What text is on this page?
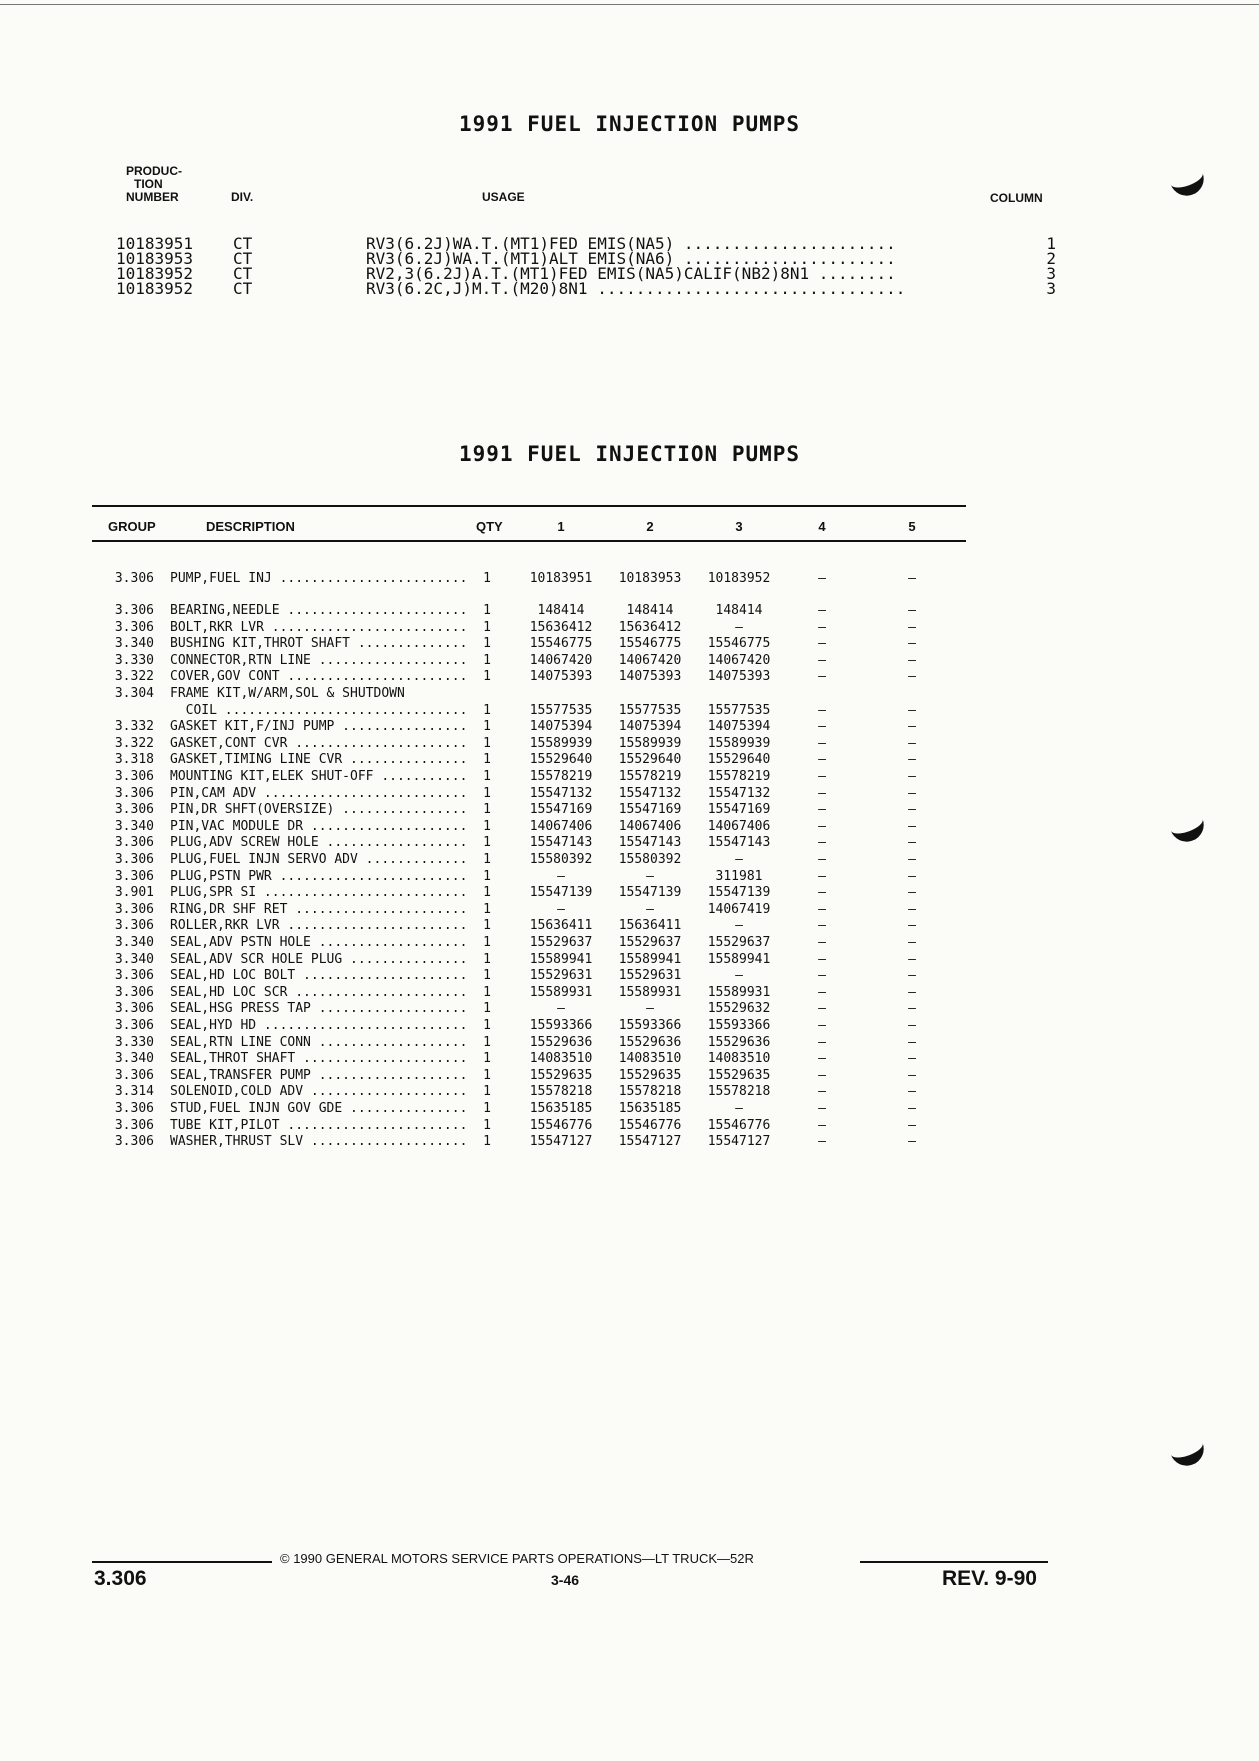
1991 FUEL INJECTION PUMPS
PRODUC-
TION
NUMBER	DIV.	USAGE	COLUMN
10183951 CT	RV3(6.2J)WA.T.(MT1)FED EMIS(NA5) ......................	1
10183953 CT	RV3(6.2J)WA.T.(MT1)ALT EMIS(NA6) ......................	2
10183952 CT	RV2,3(6.2J)A.T.(MT1)FED EMIS(NA5)CALIF(NB2)8N1 ........	3
10183952 CT	RV3(6.2C,J)M.T.(M20)8N1 ................................	3
1991 FUEL INJECTION PUMPS
GROUP	DESCRIPTION	QTY	1	2	3	4	5
3.306 PUMP,FUEL INJ ........................ 1	10183951	10183953	10183952	—	—
3.306 BEARING,NEEDLE ....................... 1	148414	148414	148414	—	—
3.306 BOLT,RKR LVR ......................... 1	15636412	15636412	—	—	—
3.340 BUSHING KIT,THROT SHAFT .............. 1	15546775	15546775	15546775	—	—
3.330 CONNECTOR,RTN LINE ................... 1	14067420	14067420	14067420	—	—
3.322 COVER,GOV CONT ....................... 1	14075393	14075393	14075393	—	—
3.304 FRAME KIT,W/ARM,SOL & SHUTDOWN
COIL ............................... 1	15577535	15577535	15577535	—	—
3.332 GASKET KIT,F/INJ PUMP ................ 1	14075394	14075394	14075394	—	—
3.322 GASKET,CONT CVR ...................... 1	15589939	15589939	15589939	—	—
3.318 GASKET,TIMING LINE CVR ............... 1	15529640	15529640	15529640	—	—
3.306 MOUNTING KIT,ELEK SHUT-OFF ........... 1	15578219	15578219	15578219	—	—
3.306 PIN,CAM ADV .......................... 1	15547132	15547132	15547132	—	—
3.306 PIN,DR SHFT(OVERSIZE) ................ 1	15547169	15547169	15547169	—	—
3.340 PIN,VAC MODULE DR .................... 1	14067406	14067406	14067406	—	—
3.306 PLUG,ADV SCREW HOLE .................. 1	15547143	15547143	15547143	—	—
3.306 PLUG,FUEL INJN SERVO ADV ............. 1	15580392	15580392	—	—	—
3.306 PLUG,PSTN PWR ........................ 1	—	—	311981	—	—
3.901 PLUG,SPR SI .......................... 1	15547139	15547139	15547139	—	—
3.306 RING,DR SHF RET ...................... 1	—	—	14067419	—	—
3.306 ROLLER,RKR LVR ....................... 1	15636411	15636411	—	—	—
3.340 SEAL,ADV PSTN HOLE ................... 1	15529637	15529637	15529637	—	—
3.340 SEAL,ADV SCR HOLE PLUG ............... 1	15589941	15589941	15589941	—	—
3.306 SEAL,HD LOC BOLT ..................... 1	15529631	15529631	—	—	—
3.306 SEAL,HD LOC SCR ...................... 1	15589931	15589931	15589931	—	—
3.306 SEAL,HSG PRESS TAP ................... 1	—	—	15529632	—	—
3.306 SEAL,HYD HD .......................... 1	15593366	15593366	15593366	—	—
3.330 SEAL,RTN LINE CONN ................... 1	15529636	15529636	15529636	—	—
3.340 SEAL,THROT SHAFT ..................... 1	14083510	14083510	14083510	—	—
3.306 SEAL,TRANSFER PUMP ................... 1	15529635	15529635	15529635	—	—
3.314 SOLENOID,COLD ADV .................... 1	15578218	15578218	15578218	—	—
3.306 STUD,FUEL INJN GOV GDE ............... 1	15635185	15635185	—	—	—
3.306 TUBE KIT,PILOT ....................... 1	15546776	15546776	15546776	—	—
3.306 WASHER,THRUST SLV .................... 1	15547127	15547127	15547127	—	—
© 1990 GENERAL MOTORS SERVICE PARTS OPERATIONS—LT TRUCK—52R
3.306	3-46	REV. 9-90
